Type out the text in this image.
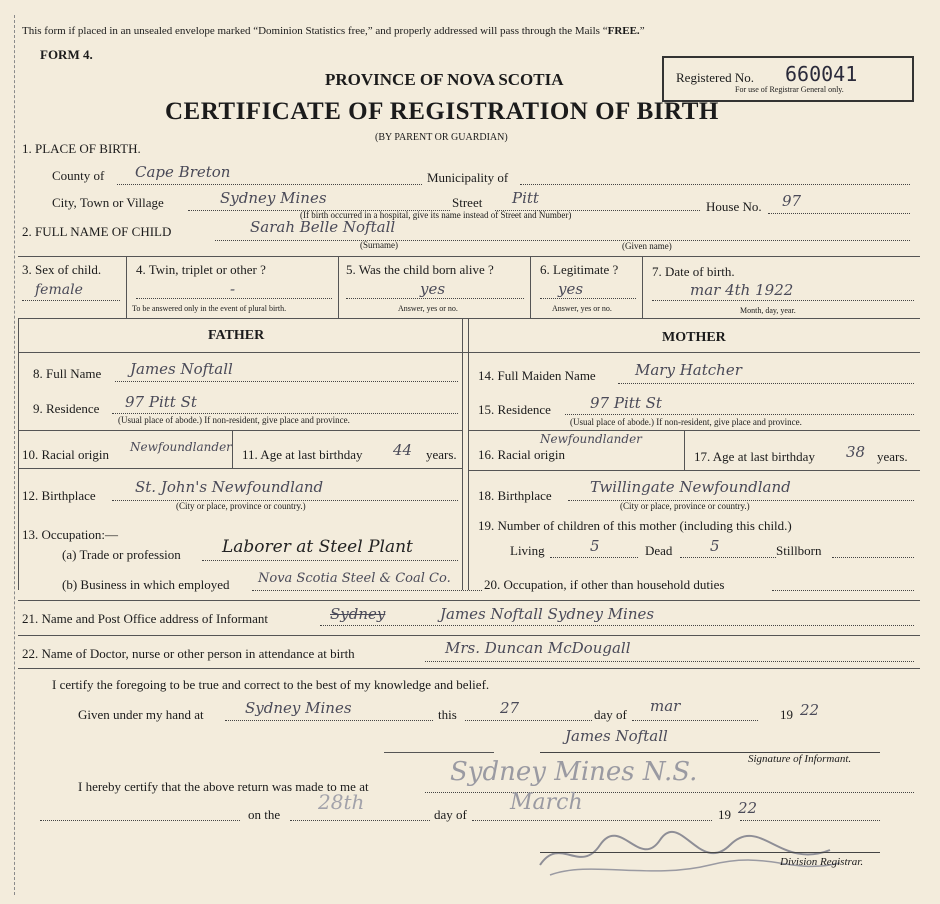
This form if placed in an unsealed envelope marked “Dominion Statistics free,” and properly addressed will pass through the Mails “FREE.”
FORM 4.
PROVINCE OF NOVA SCOTIA
CERTIFICATE OF REGISTRATION OF BIRTH
(BY PARENT OR GUARDIAN)
Registered No. 660041
For use of Registrar General only.
1. PLACE OF BIRTH.
County of Cape Breton	Municipality of
City, Town or Village	Sydney Mines	Street Pitt	House No. 97
(If birth occurred in a hospital, give its name instead of Street and Number)
2. FULL NAME OF CHILD	Sarah Belle Noftall
(Surname)	(Given name)
3. Sex of child.
female
4. Twin, triplet or other ?
-
To be answered only in the event of plural birth.
5. Was the child born alive ?
yes
Answer, yes or no.
6. Legitimate ?
yes
Answer, yes or no.
7. Date of birth.
mar 4th 1922
Month, day, year.
FATHER	MOTHER
8. Full Name James Noftall
9. Residence 97 Pitt St
(Usual place of abode.) If non-resident, give place and province.
10. Racial origin Newfoundlander 11. Age at last birthday 44 years.
12. Birthplace	St. John's Newfoundland
(City or place, province or country.)
13. Occupation:—
(a) Trade or profession Laborer at Steel Plant
(b) Business in which employed Nova Scotia Steel & Coal Co.
14. Full Maiden Name	Mary Hatcher
15. Residence	97 Pitt St
(Usual place of abode.) If non-resident, give place and province.
16. Racial origin
Newfoundlander
17. Age at last birthday 38 years.
18. Birthplace	Twillingate Newfoundland
(City or place, province or country.)
19. Number of children of this mother (including this child.)
Living	5	Dead	5	Stillborn
20. Occupation, if other than household duties
21. Name and Post Office address of Informant	Sydney	James Noftall Sydney Mines
22. Name of Doctor, nurse or other person in attendance at birth	Mrs. Duncan McDougall
I certify the foregoing to be true and correct to the best of my knowledge and belief.
Given under my hand at	Sydney Mines	this	27	day of mar	19 22
James Noftall
Signature of Informant.
I hereby certify that the above return was made to me at	Sydney Mines N.S.
on the
28th
day of March	19 22
Division Registrar.
